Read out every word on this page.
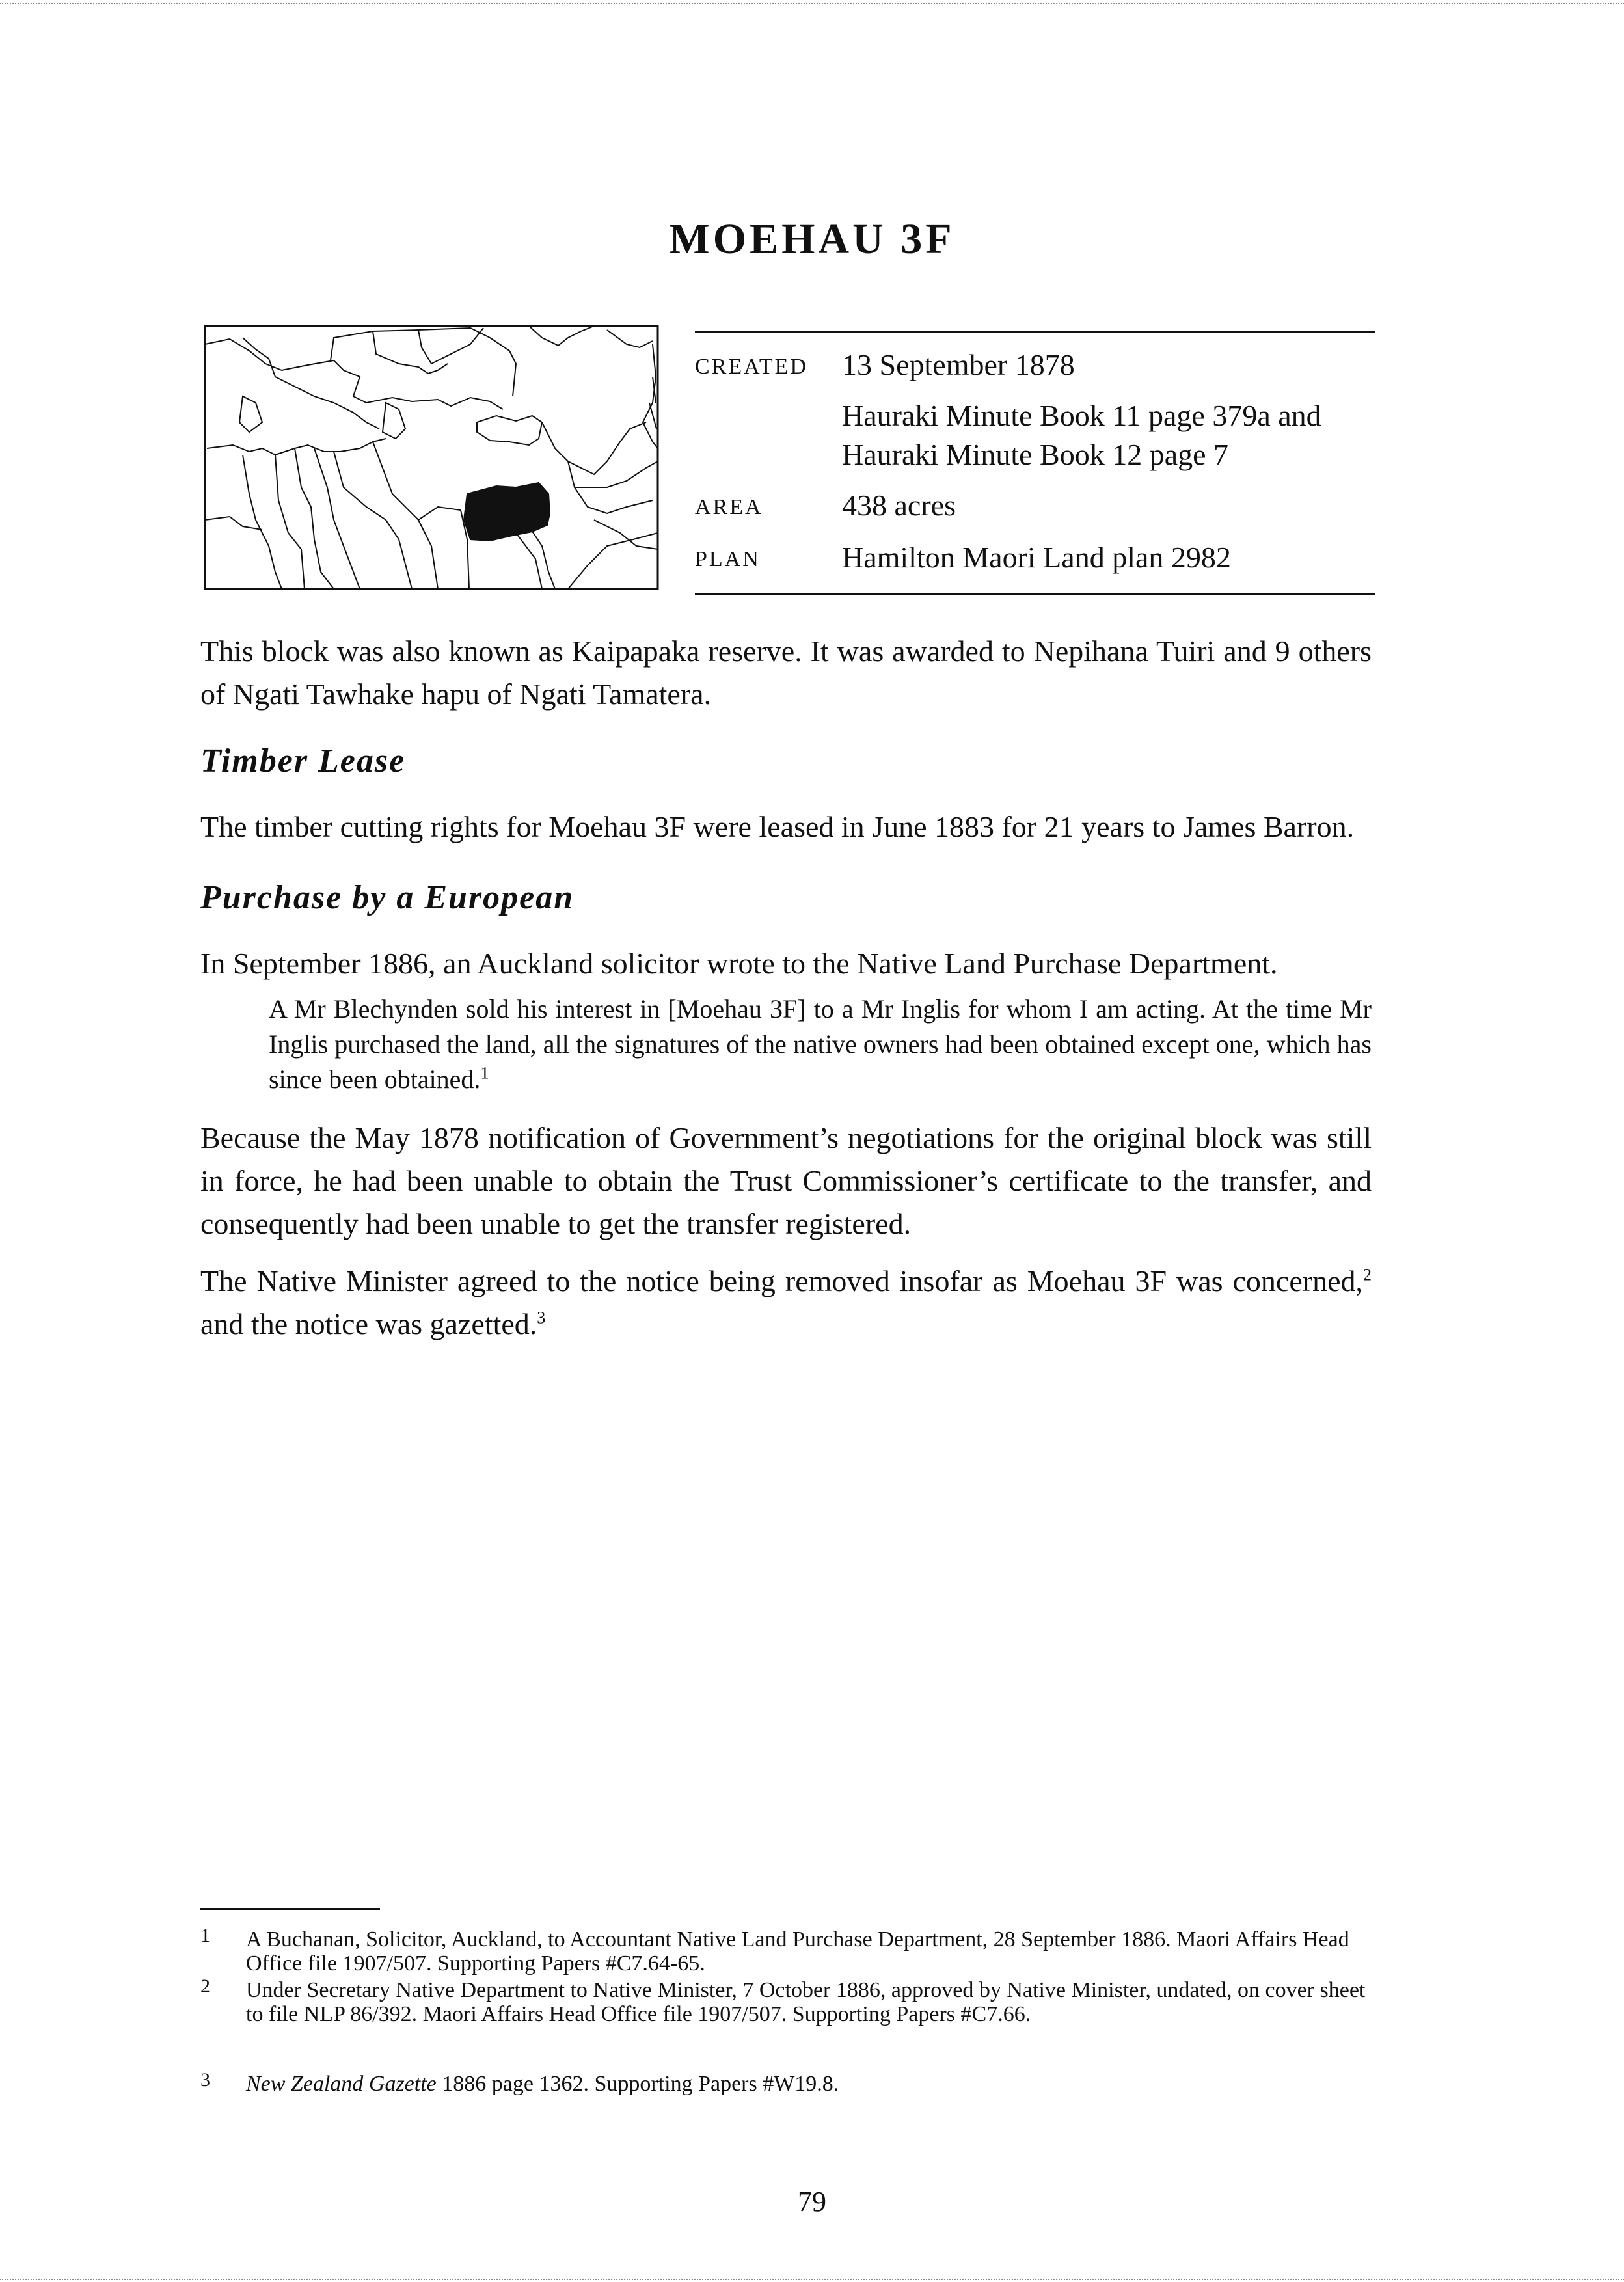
MOEHAU 3F
CREATED 13 September 1878
Hauraki Minute Book 11 page 379a and
Hauraki Minute Book 12 page 7
AREA	438 acres
PLAN	Hamilton Maori Land plan 2982
This block was also known as Kaipapaka reserve. It was awarded to Nepihana Tuiri and 9 others of Ngati Tawhake hapu of Ngati Tamatera.
Timber Lease
The timber cutting rights for Moehau 3F were leased in June 1883 for 21 years to James Barron.
Purchase by a European
In September 1886, an Auckland solicitor wrote to the Native Land Purchase Department.
A Mr Blechynden sold his interest in [Moehau 3F] to a Mr Inglis for whom I am acting. At the time Mr Inglis purchased the land, all the signatures of the native owners had been obtained except one, which has since been obtained.$^1$
Because the May 1878 notification of Government’s negotiations for the original block was still in force, he had been unable to obtain the Trust Commissioner’s certificate to the transfer, and consequently had been unable to get the transfer registered.
The Native Minister agreed to the notice being removed insofar as Moehau 3F was concerned,$^2$ and the notice was gazetted.$^3$
1 A Buchanan, Solicitor, Auckland, to Accountant Native Land Purchase Department, 28 September 1886. Maori Affairs Head Office file 1907/507. Supporting Papers #C7.64-65.
2 Under Secretary Native Department to Native Minister, 7 October 1886, approved by Native Minister, undated, on cover sheet to file NLP 86/392. Maori Affairs Head Office file 1907/507. Supporting Papers #C7.66.
3 New Zealand Gazette 1886 page 1362. Supporting Papers #W19.8.
79
